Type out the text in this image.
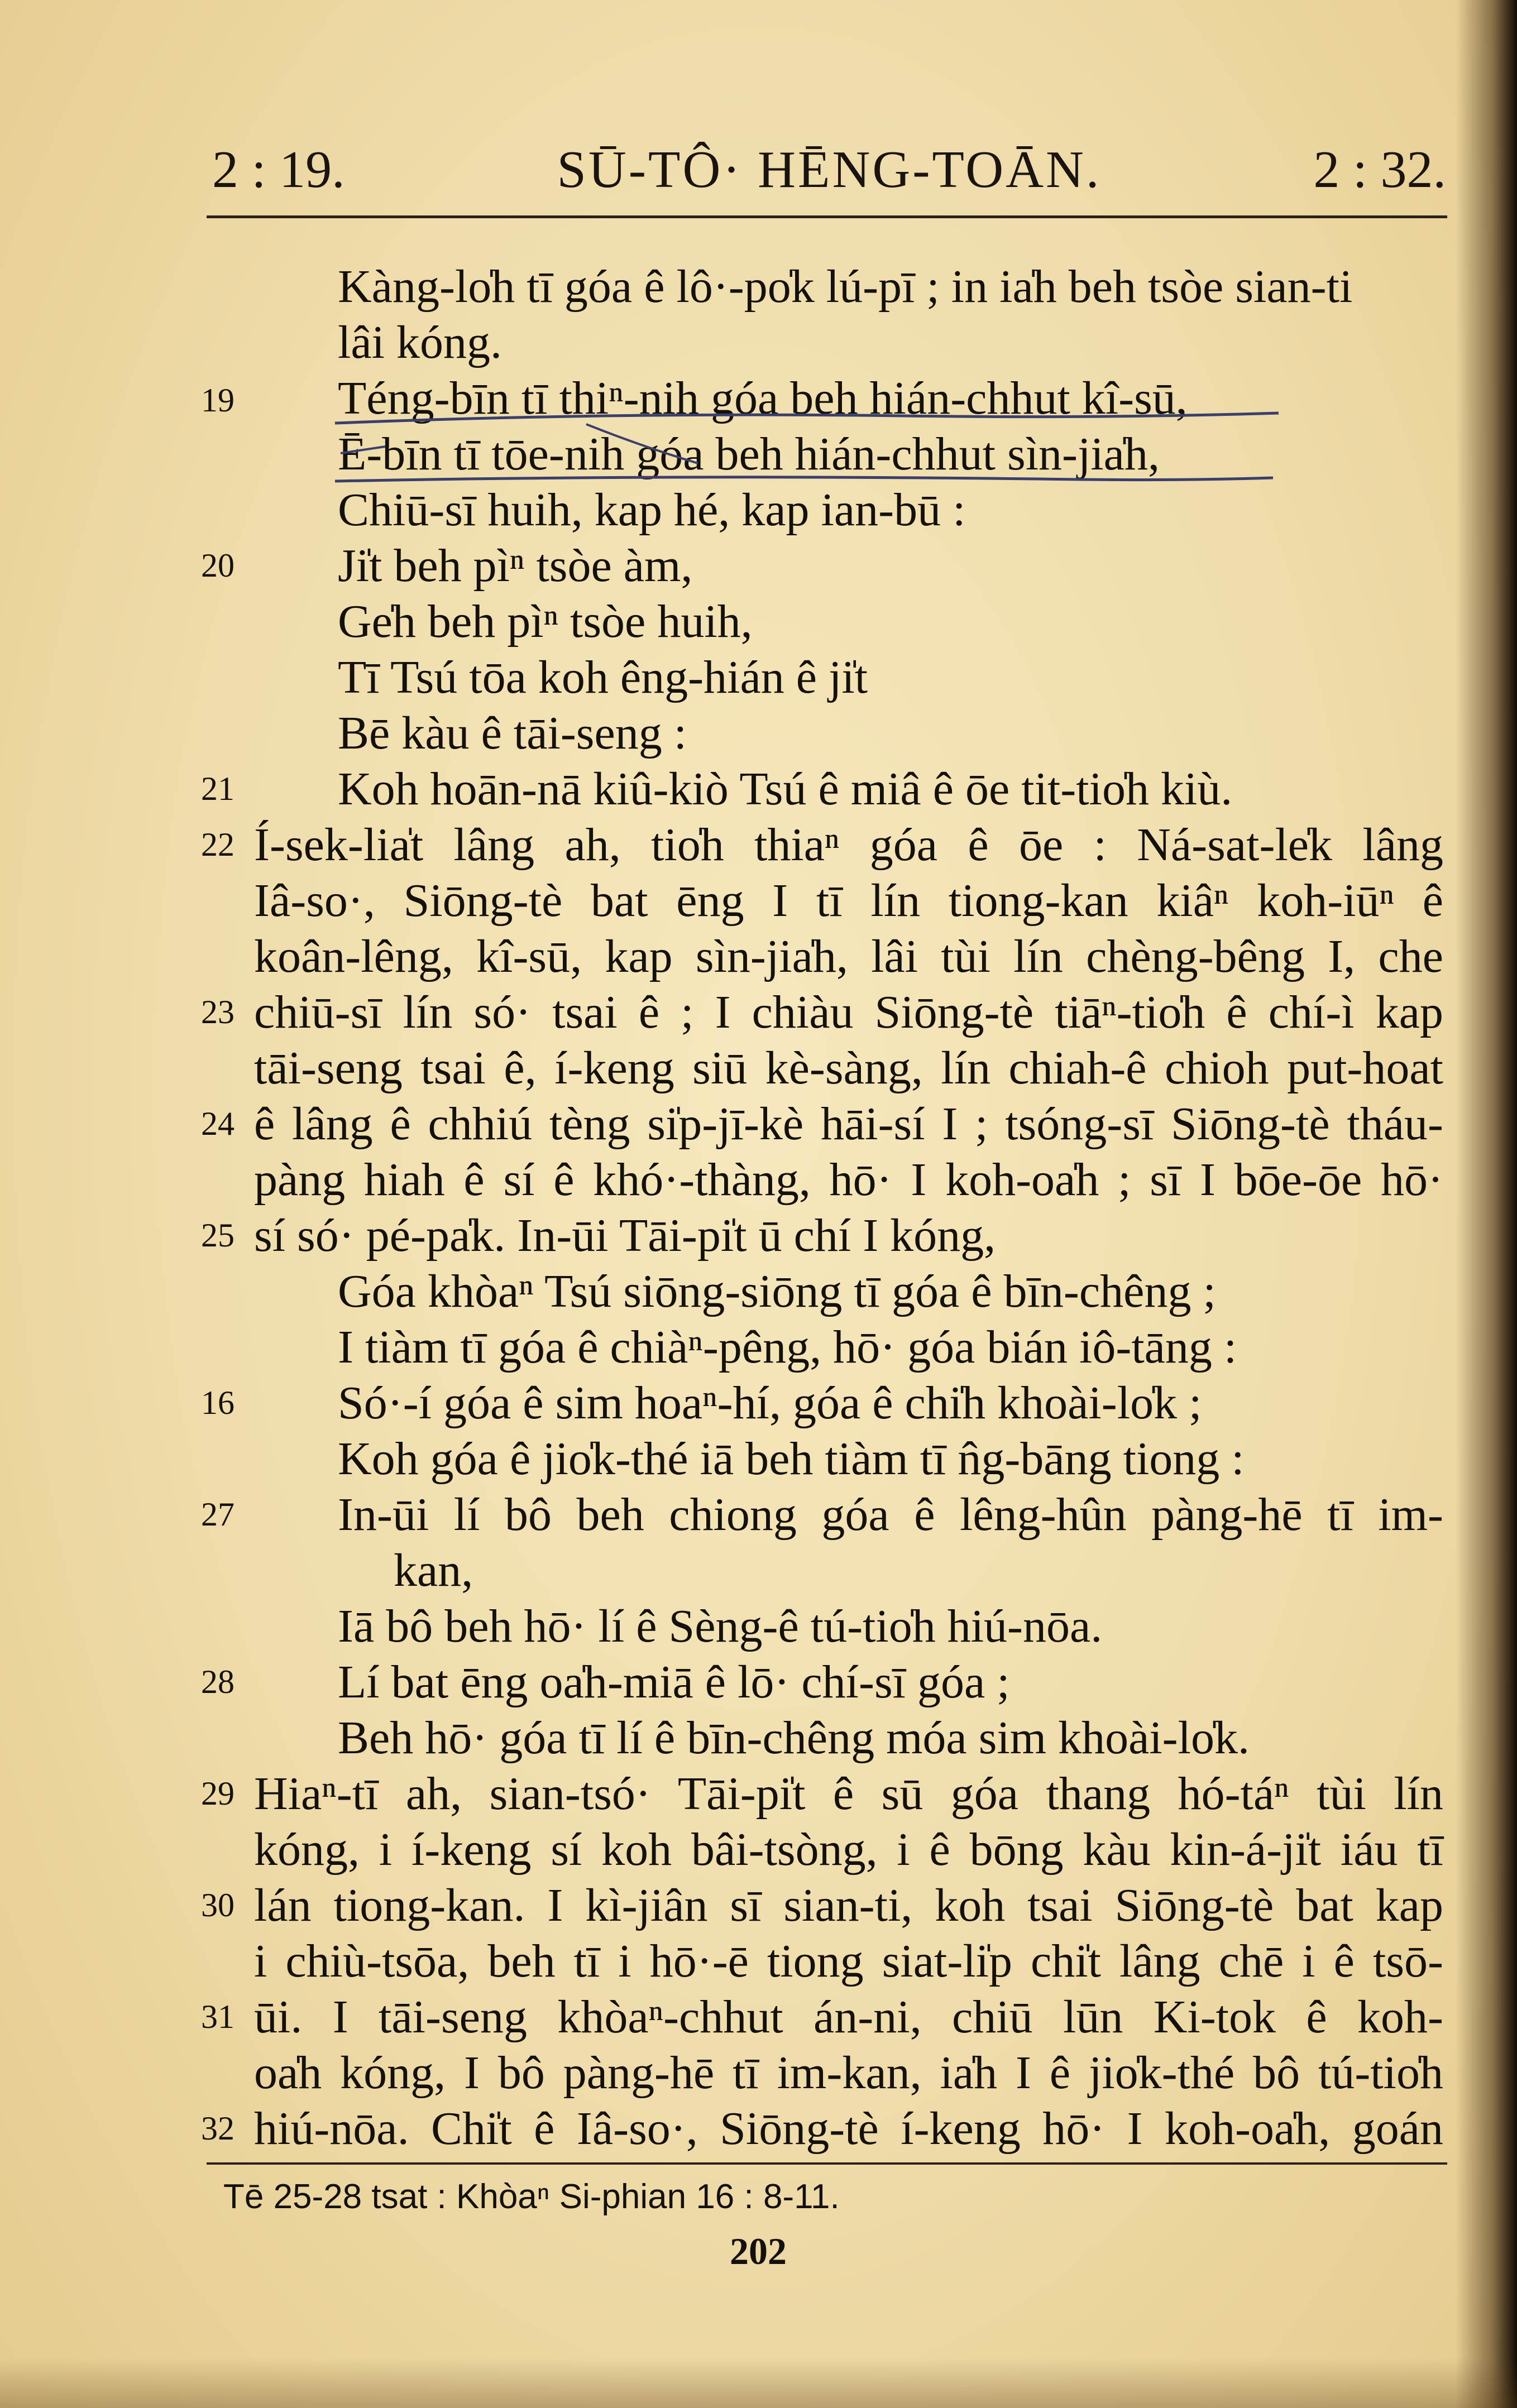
2 : 19.	SŪ-TÔ· HĒNG-TOĀN.	2 : 32.
19
20
21
22
23
24
25
16
27
28
29
30
31
32
Kàng-lo̍h tī góa ê lô·-po̍k lú-pī ; in ia̍h beh tsòe sian-ti
lâi kóng.
Téng-bīn tī thiⁿ-nih góa beh hián-chhut kî-sū,
Ē-bīn tī tōe-nih góa beh hián-chhut sìn-jia̍h,
Chiū-sī huih, kap hé, kap ian-bū :
Ji̍t beh pìⁿ tsòe àm,
Ge̍h beh pìⁿ tsòe huih,
Tī Tsú tōa koh êng-hián ê ji̍t
Bē kàu ê tāi-seng :
Koh hoān-nā kiû-kiò Tsú ê miâ ê ōe tit-tio̍h kiù.
Í-sek-lia̍t lâng ah, tio̍h thiaⁿ góa ê ōe : Ná-sat-le̍k lâng
Iâ-so·, Siōng-tè bat ēng I tī lín tiong-kan kiâⁿ koh-iūⁿ ê
koân-lêng, kî-sū, kap sìn-jia̍h, lâi tùi lín chèng-bêng I, che
chiū-sī lín só· tsai ê ; I chiàu Siōng-tè tiāⁿ-tio̍h ê chí-ì kap
tāi-seng tsai ê, í-keng siū kè-sàng, lín chiah-ê chioh put-hoat
ê lâng ê chhiú tèng si̍p-jī-kè hāi-sí I ; tsóng-sī Siōng-tè tháu-
pàng hiah ê sí ê khó·-thàng, hō· I koh-oa̍h ; sī I bōe-ōe hō·
sí só· pé-pa̍k. In-ūi Tāi-pi̍t ū chí I kóng,
Góa khòaⁿ Tsú siōng-siōng tī góa ê bīn-chêng ;
I tiàm tī góa ê chiàⁿ-pêng, hō· góa bián iô-tāng :
Só·-í góa ê sim hoaⁿ-hí, góa ê chi̍h khoài-lo̍k ;
Koh góa ê jio̍k-thé iā beh tiàm tī n̂g-bāng tiong :
In-ūi lí bô beh chiong góa ê lêng-hûn pàng-hē tī im-
kan,
Iā bô beh hō· lí ê Sèng-ê tú-tio̍h hiú-nōa.
Lí bat ēng oa̍h-miā ê lō· chí-sī góa ;
Beh hō· góa tī lí ê bīn-chêng móa sim khoài-lo̍k.
Hiaⁿ-tī ah, sian-tsó· Tāi-pi̍t ê sū góa thang hó-táⁿ tùi lín
kóng, i í-keng sí koh bâi-tsòng, i ê bōng kàu kin-á-ji̍t iáu tī
lán tiong-kan. I kì-jiân sī sian-ti, koh tsai Siōng-tè bat kap
i chiù-tsōa, beh tī i hō·-ē tiong siat-li̍p chi̍t lâng chē i ê tsō-
ūi. I tāi-seng khòaⁿ-chhut án-ni, chiū lūn Ki-tok ê koh-
oa̍h kóng, I bô pàng-hē tī im-kan, ia̍h I ê jio̍k-thé bô tú-tio̍h
hiú-nōa. Chi̍t ê Iâ-so·, Siōng-tè í-keng hō· I koh-oa̍h, goán
Tē 25-28 tsat : Khòaⁿ Si-phian 16 : 8-11.
202
